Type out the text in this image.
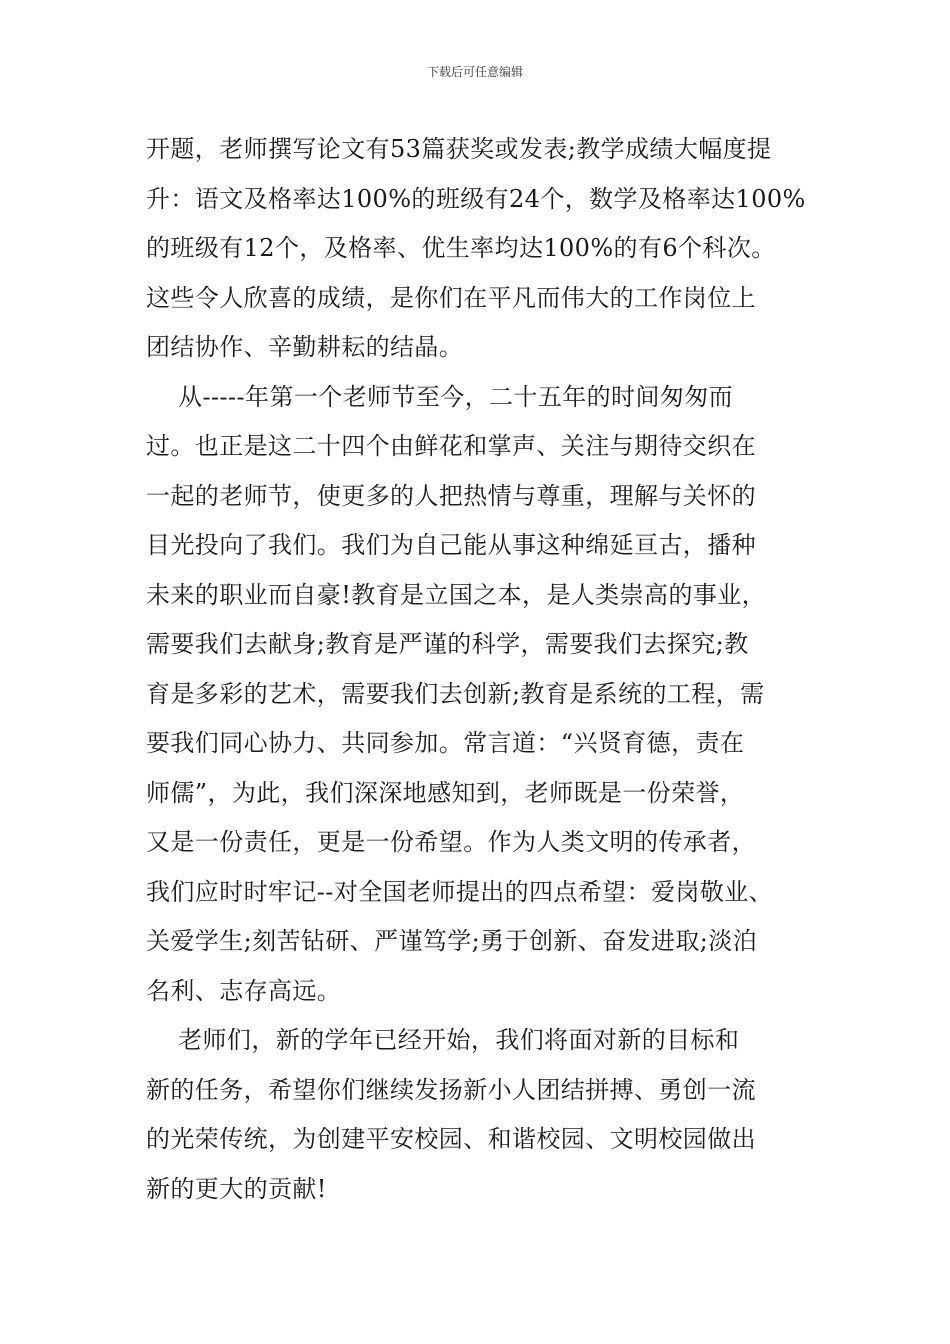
下载后可任意编辑
开题，老师撰写论文有53篇获奖或发表;教学成绩大幅度提
升：语文及格率达100%的班级有24个，数学及格率达100%
的班级有12个，及格率、优生率均达100%的有6个科次。
这些令人欣喜的成绩，是你们在平凡而伟大的工作岗位上
团结协作、辛勤耕耘的结晶。
从-----年第一个老师节至今，二十五年的时间匆匆而
过。也正是这二十四个由鲜花和掌声、关注与期待交织在
一起的老师节，使更多的人把热情与尊重，理解与关怀的
目光投向了我们。我们为自己能从事这种绵延亘古，播种
未来的职业而自豪!教育是立国之本，是人类崇高的事业，
需要我们去献身;教育是严谨的科学，需要我们去探究;教
育是多彩的艺术，需要我们去创新;教育是系统的工程，需
要我们同心协力、共同参加。常言道：“兴贤育德，责在
师儒”，为此，我们深深地感知到，老师既是一份荣誉，
又是一份责任，更是一份希望。作为人类文明的传承者，
我们应时时牢记--对全国老师提出的四点希望：爱岗敬业、
关爱学生;刻苦钻研、严谨笃学;勇于创新、奋发进取;淡泊
名利、志存高远。
老师们，新的学年已经开始，我们将面对新的目标和
新的任务，希望你们继续发扬新小人团结拼搏、勇创一流
的光荣传统，为创建平安校园、和谐校园、文明校园做出
新的更大的贡献!
